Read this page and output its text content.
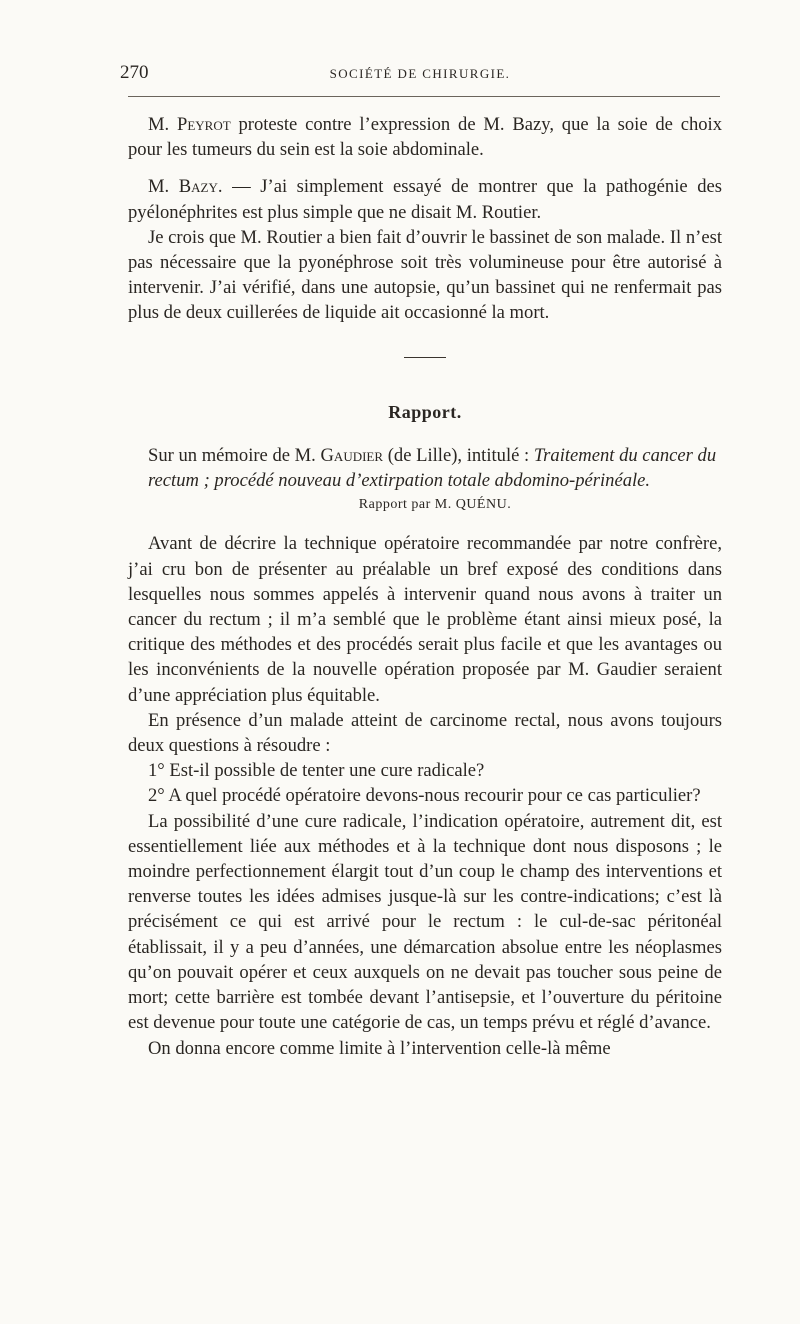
270	SOCIÉTÉ DE CHIRURGIE.

M. Peyrot proteste contre l’expression de M. Bazy, que la soie de choix pour les tumeurs du sein est la soie abdominale.

M. Bazy. — J’ai simplement essayé de montrer que la pathogénie des pyélonéphrites est plus simple que ne disait M. Routier.

Je crois que M. Routier a bien fait d’ouvrir le bassinet de son malade. Il n’est pas nécessaire que la pyonéphrose soit très volumineuse pour être autorisé à intervenir. J’ai vérifié, dans une autopsie, qu’un bassinet qui ne renfermait pas plus de deux cuillerées de liquide ait occasionné la mort.

Rapport.

Sur un mémoire de M. Gaudier (de Lille), intitulé : Traitement du cancer du rectum ; procédé nouveau d’extirpation totale abdomino-périnéale.

Rapport par M. QUÉNU.

Avant de décrire la technique opératoire recommandée par notre confrère, j’ai cru bon de présenter au préalable un bref exposé des conditions dans lesquelles nous sommes appelés à intervenir quand nous avons à traiter un cancer du rectum ; il m’a semblé que le problème étant ainsi mieux posé, la critique des méthodes et des procédés serait plus facile et que les avantages ou les inconvénients de la nouvelle opération proposée par M. Gaudier seraient d’une appréciation plus équitable.

En présence d’un malade atteint de carcinome rectal, nous avons toujours deux questions à résoudre :

1° Est-il possible de tenter une cure radicale?

2° A quel procédé opératoire devons-nous recourir pour ce cas particulier?

La possibilité d’une cure radicale, l’indication opératoire, autrement dit, est essentiellement liée aux méthodes et à la technique dont nous disposons ; le moindre perfectionnement élargit tout d’un coup le champ des interventions et renverse toutes les idées admises jusque-là sur les contre-indications; c’est là précisément ce qui est arrivé pour le rectum : le cul-de-sac péritonéal établissait, il y a peu d’années, une démarcation absolue entre les néoplasmes qu’on pouvait opérer et ceux auxquels on ne devait pas toucher sous peine de mort; cette barrière est tombée devant l’antisepsie, et l’ouverture du péritoine est devenue pour toute une catégorie de cas, un temps prévu et réglé d’avance.

On donna encore comme limite à l’intervention celle-là même
